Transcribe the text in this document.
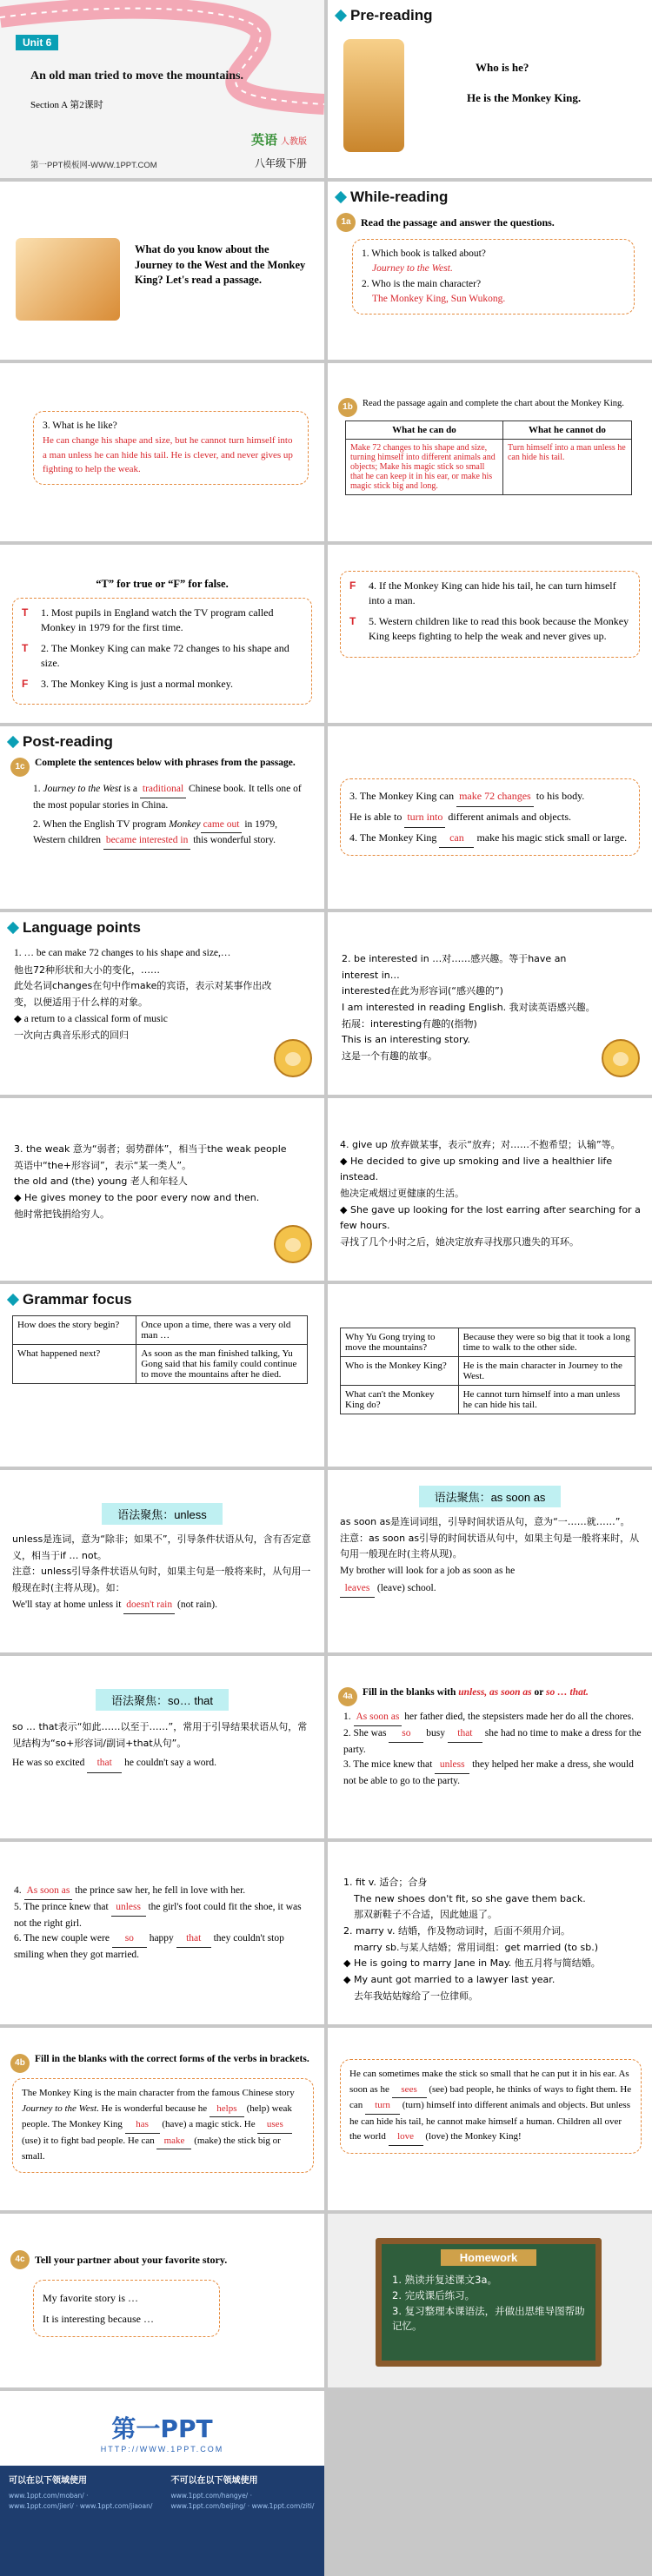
Unit 6
An old man tried to move the mountains.
Section A 第2课时
第一PPT模板网-WWW.1PPT.COM
英语 人教版
八年级下册
Pre-reading
Who is he?
He is the Monkey King.
What do you know about the Journey to the West and the Monkey King? Let's read a passage.
While-reading
1a Read the passage and answer the questions.
1. Which book is talked about?
Journey to the West.
2. Who is the main character?
The Monkey King, Sun Wukong.
3. What is he like?
He can change his shape and size, but he cannot turn himself into a man unless he can hide his tail. He is clever, and never gives up fighting to help the weak.
1b	Read the passage again and complete the chart about the Monkey King.
What he can do	What he cannot do
Make 72 changes to his shape and size, turning himself into different animals and objects; Make his magic stick so small that he can keep it in his ear, or make his magic stick big and long.	Turn himself into a man unless he can hide his tail.
“T” for true or “F” for false.
T	1. Most pupils in England watch the TV program called Monkey in 1979 for the first time.
T	2. The Monkey King can make 72 changes to his shape and size.
F	3. The Monkey King is just a normal monkey.
F	4. If the Monkey King can hide his tail, he can turn himself into a man.
T	5. Western children like to read this book because the Monkey King keeps fighting to help the weak and never gives up.
Post-reading
1c Complete the sentences below with phrases from the passage.
1. Journey to the West is a traditional Chinese book. It tells one of the most popular stories in China.
2. When the English TV program Monkeycame out in 1979, Western children became interested in this wonderful story.
3. The Monkey King can make 72 changes to his body.
He is able to turn into different animals and objects.
4. The Monkey King can make his magic stick small or large.
Language points
1. … be can make 72 changes to his shape and size,…
他也72种形状和大小的变化，……
此处名词changes在句中作make的宾语，表示对某事作出改变，以便适用于什么样的对象。
◆ a return to a classical form of music
一次向古典音乐形式的回归
2. be interested in …对……感兴趣。等于have an interest in…
interested在此为形容词(“感兴趣的”)
I am interested in reading English. 我对读英语感兴趣。
拓展：interesting有趣的(指物)
This is an interesting story.
这是一个有趣的故事。
3. the weak 意为“弱者；弱势群体”，相当于the weak people
英语中“the+形容词”，表示“某一类人”。
the old and (the) young 老人和年轻人
◆ He gives money to the poor every now and then.
他时常把钱捐给穷人。
4. give up 放弃做某事，表示“放弃；对……不抱希望；认输”等。
◆ He decided to give up smoking and live a healthier life instead.
他决定戒烟过更健康的生活。
◆ She gave up looking for the lost earring after searching for a few hours.
寻找了几个小时之后，她决定放弃寻找那只遗失的耳环。
Grammar focus
How does the story begin?	Once upon a time, there was a very old man …
What happened next?	As soon as the man finished talking, Yu Gong said that his family could continue to move the mountains after he died.
Why Yu Gong trying to move the mountains?	Because they were so big that it took a long time to walk to the other side.
Who is the Monkey King?	He is the main character in Journey to the West.
What can't the Monkey King do?	He cannot turn himself into a man unless he can hide his tail.
语法聚焦：unless
unless是连词，意为“除非；如果不”，引导条件状语从句，含有否定意义，相当于if … not。
注意：unless引导条件状语从句时，如果主句是一般将来时，从句用一般现在时(主将从现)。如：
We'll stay at home unless it doesn't rain (not rain).
语法聚焦：as soon as
as soon as是连词词组，引导时间状语从句，意为“一……就……”。
注意：as soon as引导的时间状语从句中，如果主句是一般将来时，从句用一般现在时(主将从现)。
My brother will look for a job as soon as he
leaves (leave) school.
语法聚焦：so… that
so … that表示“如此……以至于……”，常用于引导结果状语从句，常见结构为“so+形容词/副词+that从句”。
He was so excited that he couldn't say a word.
4a Fill in the blanks with unless, as soon as or so … that.
1. As soon as her father died, the stepsisters made her do all the chores.
2. She was so busy that she had no time to make a dress for the party.
3. The mice knew that unless they helped her make a dress, she would not be able to go to the party.
4. As soon as the prince saw her, he fell in love with her.
5. The prince knew that unless the girl's foot could fit the shoe, it was not the right girl.
6. The new couple were so happy that they couldn't stop smiling when they got married.
1. fit v. 适合；合身
The new shoes don't fit, so she gave them back.
那双新鞋子不合适，因此她退了。
2. marry v. 结婚，作及物动词时，后面不须用介词。
marry sb.与某人结婚；常用词组：get married (to sb.)
◆ He is going to marry Jane in May. 他五月将与简结婚。
◆ My aunt got married to a lawyer last year.
去年我姑姑嫁给了一位律师。
4b Fill in the blanks with the correct forms of the verbs in brackets.
The Monkey King is the main character from the famous Chinese story Journey to the West. He is wonderful because he helps (help) weak people. The Monkey King has (have) a magic stick. He uses (use) it to fight bad people. He can make (make) the stick big or small.
He can sometimes make the stick so small that he can put it in his ear. As soon as he sees (see) bad people, he thinks of ways to fight them. He can turn (turn) himself into different animals and objects. But unless he can hide his tail, he cannot make himself a human. Children all over the world love (love) the Monkey King!
4c Tell your partner about your favorite story.
My favorite story is …
It is interesting because …
Homework
1. 熟读并复述课文3a。
2. 完成课后练习。
3. 复习整理本课语法，并做出思维导图帮助记忆。
第一PPT
HTTP://WWW.1PPT.COM
可以在以下领域使用
www.1ppt.com/moban/ · www.1ppt.com/jieri/ · www.1ppt.com/jiaoan/
不可以在以下领域使用
www.1ppt.com/hangye/ · www.1ppt.com/beijing/ · www.1ppt.com/ziti/
